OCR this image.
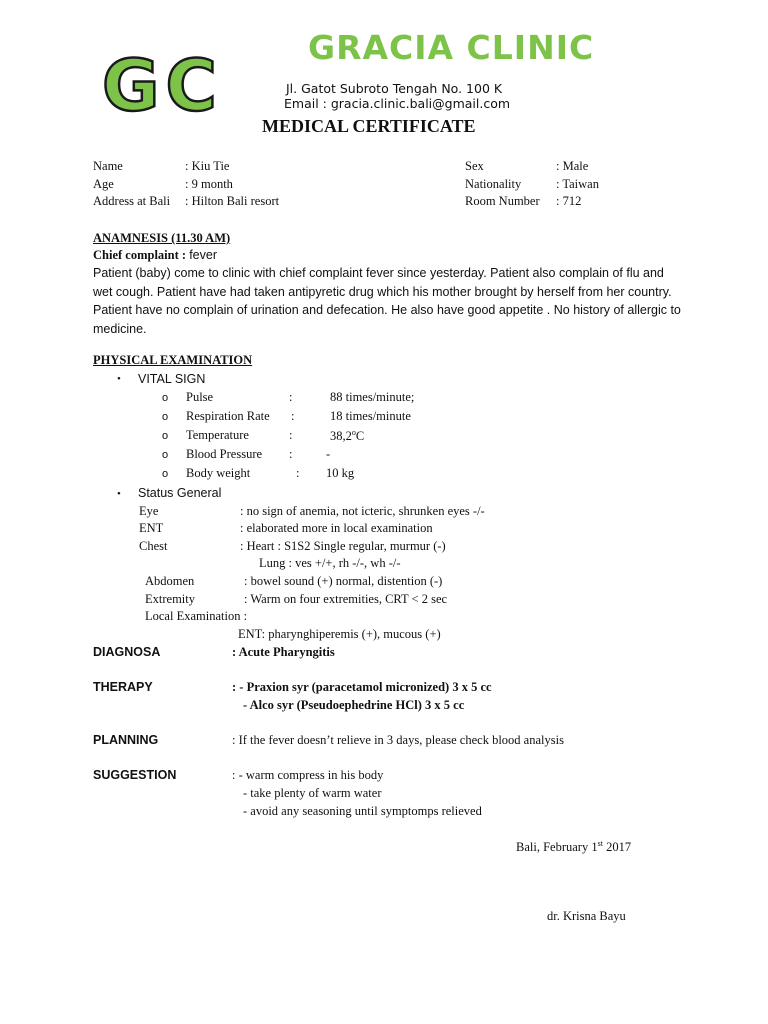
GC	GRACIA CLINIC
Jl. Gatot Subroto Tengah No. 100 K
Email : gracia.clinic.bali@gmail.com
MEDICAL CERTIFICATE
Name	: Kiu Tie
Age	: 9 month
Address at Bali : Hilton Bali resort
Sex	: Male
Nationality	: Taiwan
Room Number : 712
ANAMNESIS (11.30 AM)
Chief complaint : fever
Patient (baby) come to clinic with chief complaint fever since yesterday. Patient also complain of flu and wet cough. Patient have had taken antipyretic drug which his mother brought by herself from her country. Patient have no complain of urination and defecation. He also have good appetite . No history of allergic to medicine.
PHYSICAL EXAMINATION
• VITAL SIGN
o Pulse	:	88 times/minute;
o Respiration Rate :	18 times/minute
o Temperature	:	38,2$^o$C
o Blood Pressure :	-
o Body weight	: 10 kg
• Status General
Eye	: no sign of anemia, not icteric, shrunken eyes -/-
ENT	: elaborated more in local examination
Chest	: Heart : S1S2 Single regular, murmur (-)
Lung : ves +/+, rh -/-, wh -/-
Abdomen	: bowel sound (+) normal, distention (-)
Extremity	: Warm on four extremities, CRT < 2 sec
Local Examination :
ENT: pharynghiperemis (+), mucous (+)
DIAGNOSA	: Acute Pharyngitis
THERAPY	: - Praxion syr (paracetamol micronized) 3 x 5 cc
- Alco syr (Pseudoephedrine HCl) 3 x 5 cc
PLANNING	: If the fever doesn’t relieve in 3 days, please check blood analysis
SUGGESTION	: - warm compress in his body
- take plenty of warm water
- avoid any seasoning until symptomps relieved
Bali, February 1st 2017
dr. Krisna Bayu
